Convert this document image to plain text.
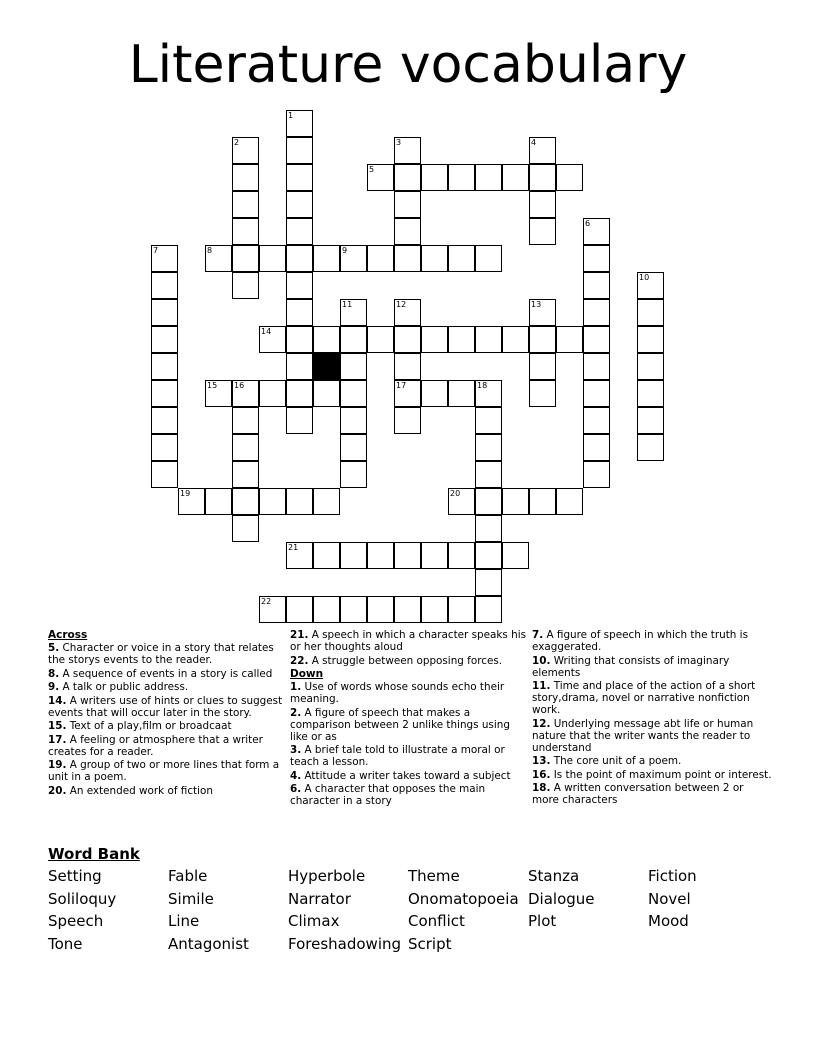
Literature vocabulary
1
2	3	4
5
6
7	8	9
10
11	12
17
13
14
15 16	18
19	20
21
22
Across
5. Character or voice in a story that relates the storys events to the reader.
8. A sequence of events in a story is called
9. A talk or public address.
14. A writers use of hints or clues to suggest events that will occur later in the story.
15. Text of a play,film or broadcaat
17. A feeling or atmosphere that a writer creates for a reader.
19. A group of two or more lines that form a unit in a poem.
20. An extended work of fiction
21. A speech in which a character speaks his or her thoughts aloud
22. A struggle between opposing forces.
Down
1. Use of words whose sounds echo their meaning.
2. A figure of speech that makes a comparison between 2 unlike things using like or as
3. A brief tale told to illustrate a moral or teach a lesson.
4. Attitude a writer takes toward a subject
6. A character that opposes the main character in a story
7. A figure of speech in which the truth is exaggerated.
10. Writing that consists of imaginary elements
11. Time and place of the action of a short story,drama, novel or narrative nonfiction work.
12. Underlying message abt life or human nature that the writer wants the reader to understand
13. The core unit of a poem.
16. Is the point of maximum point or interest.
18. A written conversation between 2 or more characters
Word Bank
Setting	Fable	Hyperbole	Theme	Stanza	Fiction
Soliloquy	Simile	Narrator	Onomatopoeia Dialogue	Novel
Speech	Line	Climax	Conflict	Plot	Mood
Tone	Antagonist	Foreshadowing Script
